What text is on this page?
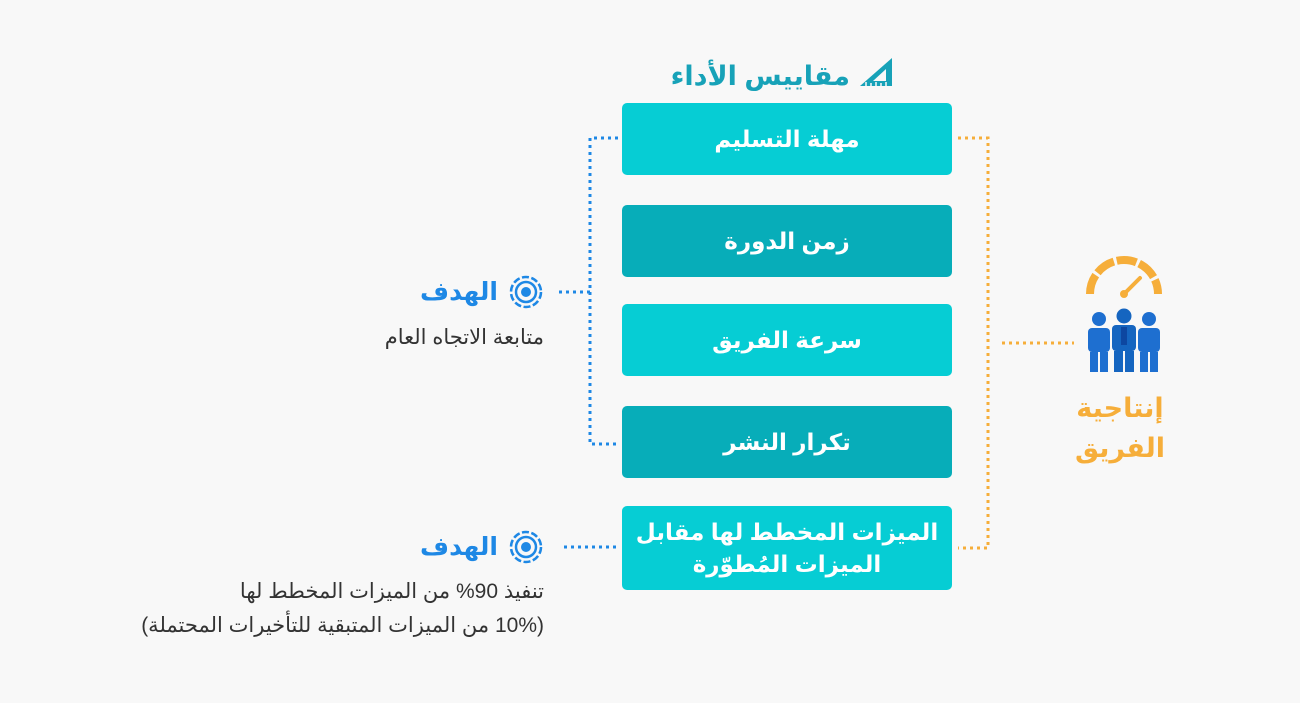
مقاييس الأداء
مهلة التسليم
زمن الدورة
سرعة الفريق
تكرار النشر
الميزات المخطط لها مقابل
الميزات المُطوّرة
الهدف
متابعة الاتجاه العام
الهدف
تنفيذ 90% من الميزات المخطط لها
(10% من الميزات المتبقية للتأخيرات المحتملة)
إنتاجية الفريق
